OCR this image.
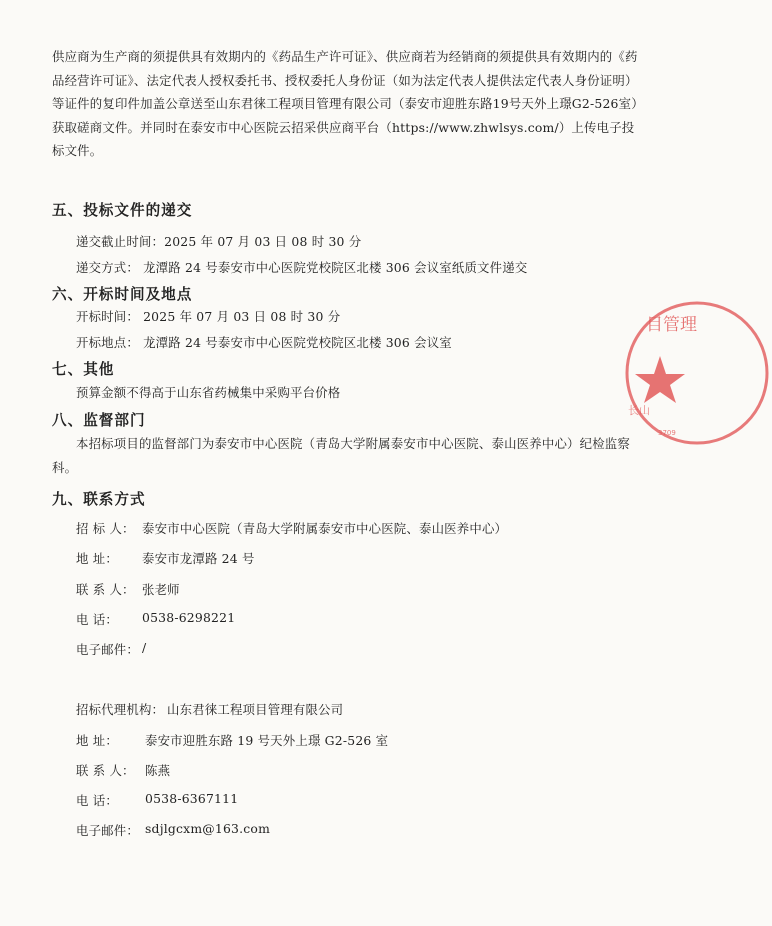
供应商为生产商的须提供具有效期内的《药品生产许可证》、供应商若为经销商的须提供具有效期内的《药品经营许可证》、法定代表人授权委托书、授权委托人身份证（如为法定代表人提供法定代表人身份证明）等证件的复印件加盖公章送至山东君徕工程项目管理有限公司（泰安市迎胜东路19号天外上璟G2-526室）获取磋商文件。并同时在泰安市中心医院云招采供应商平台（https://www.zhwlsys.com/）上传电子投标文件。
五、投标文件的递交
递交截止时间：2025 年 07 月 03 日 08 时 30 分
递交方式： 龙潭路 24 号泰安市中心医院党校院区北楼 306 会议室纸质文件递交
六、开标时间及地点
开标时间： 2025 年 07 月 03 日 08 时 30 分
开标地点： 龙潭路 24 号泰安市中心医院党校院区北楼 306 会议室
七、其他
预算金额不得高于山东省药械集中采购平台价格
八、监督部门
本招标项目的监督部门为泰安市中心医院（青岛大学附属泰安市中心医院、泰山医养中心）纪检监察科。
九、联系方式
招 标 人： 泰安市中心医院（青岛大学附属泰安市中心医院、泰山医养中心）
地 址： 泰安市龙潭路 24 号
联 系 人： 张老师
电 话： 0538-6298221
电子邮件： /
招标代理机构： 山东君徕工程项目管理有限公司
地 址： 泰安市迎胜东路 19 号天外上璟 G2-526 室
联 系 人： 陈燕
电 话： 0538-6367111
电子邮件： sdjlgcxm@163.com
目管理
长山
3709
